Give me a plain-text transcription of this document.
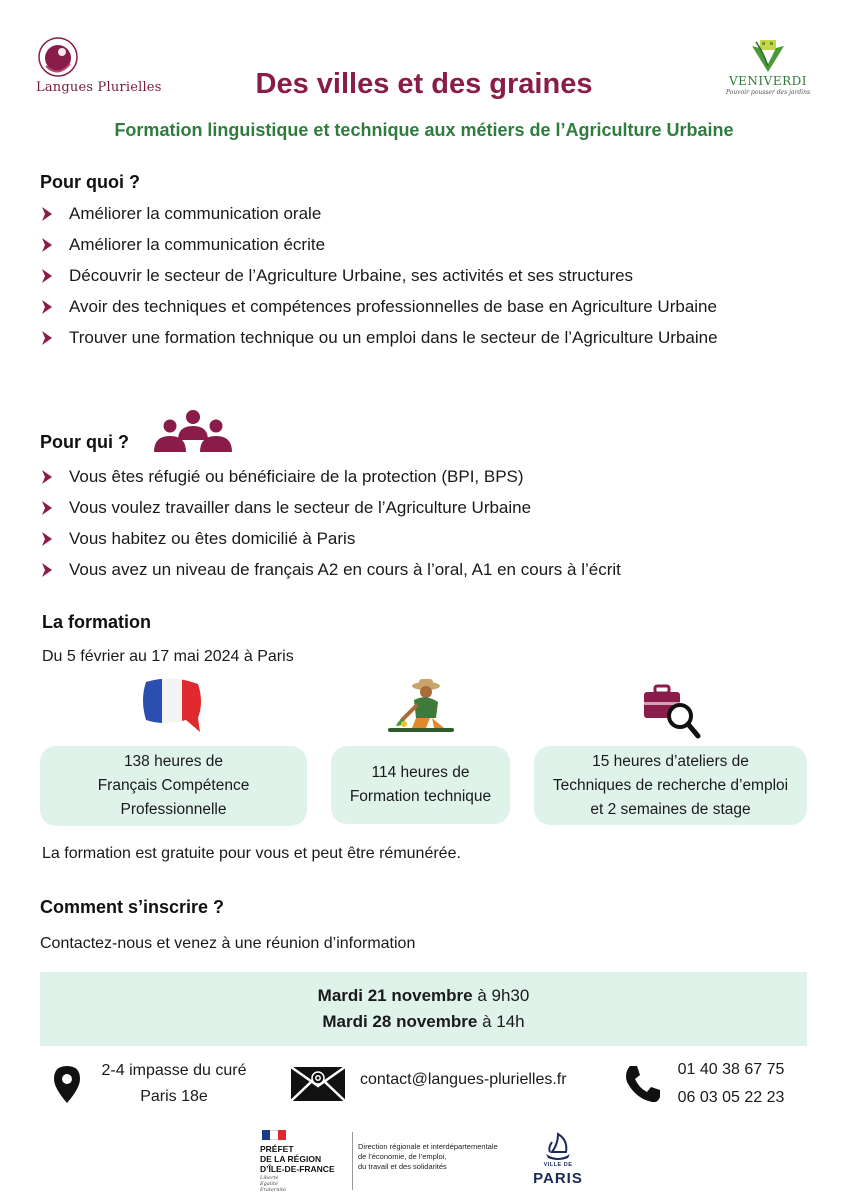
Langues Plurielles	VENIVERDI
Pouvoir pousser des jardins
Des villes et des graines
Formation linguistique et technique aux métiers de l’Agriculture Urbaine
Pour quoi ?
Améliorer la communication orale
Améliorer la communication écrite
Découvrir le secteur de l’Agriculture Urbaine, ses activités et ses structures
Avoir des techniques et compétences professionnelles de base en Agriculture Urbaine
Trouver une formation technique ou un emploi dans le secteur de l’Agriculture Urbaine
Pour qui ?
Vous êtes réfugié ou bénéficiaire de la protection (BPI, BPS)
Vous voulez travailler dans le secteur de l’Agriculture Urbaine
Vous habitez ou êtes domicilié à Paris
Vous avez un niveau de français A2 en cours à l’oral, A1 en cours à l’écrit
La formation
Du 5 février au 17 mai 2024 à Paris
138 heures de
Français Compétence
Professionnelle
114 heures de
Formation technique
15 heures d’ateliers de
Techniques de recherche d’emploi
et 2 semaines de stage
La formation est gratuite pour vous et peut être rémunérée.
Comment s’inscrire ?
Contactez-nous et venez à une réunion d’information
Mardi 21 novembre à 9h30
Mardi 28 novembre à 14h
2-4 impasse du curé
Paris 18e
contact@langues-plurielles.fr
01 40 38 67 75
06 03 05 22 23
PRÉFET
DE LA RÉGION
D’ÎLE-DE-FRANCE
Liberté
Égalité
Fraternité
Direction régionale et interdépartementale
de l’économie, de l’emploi,
du travail et des solidarités	VILLE DE
PARIS
